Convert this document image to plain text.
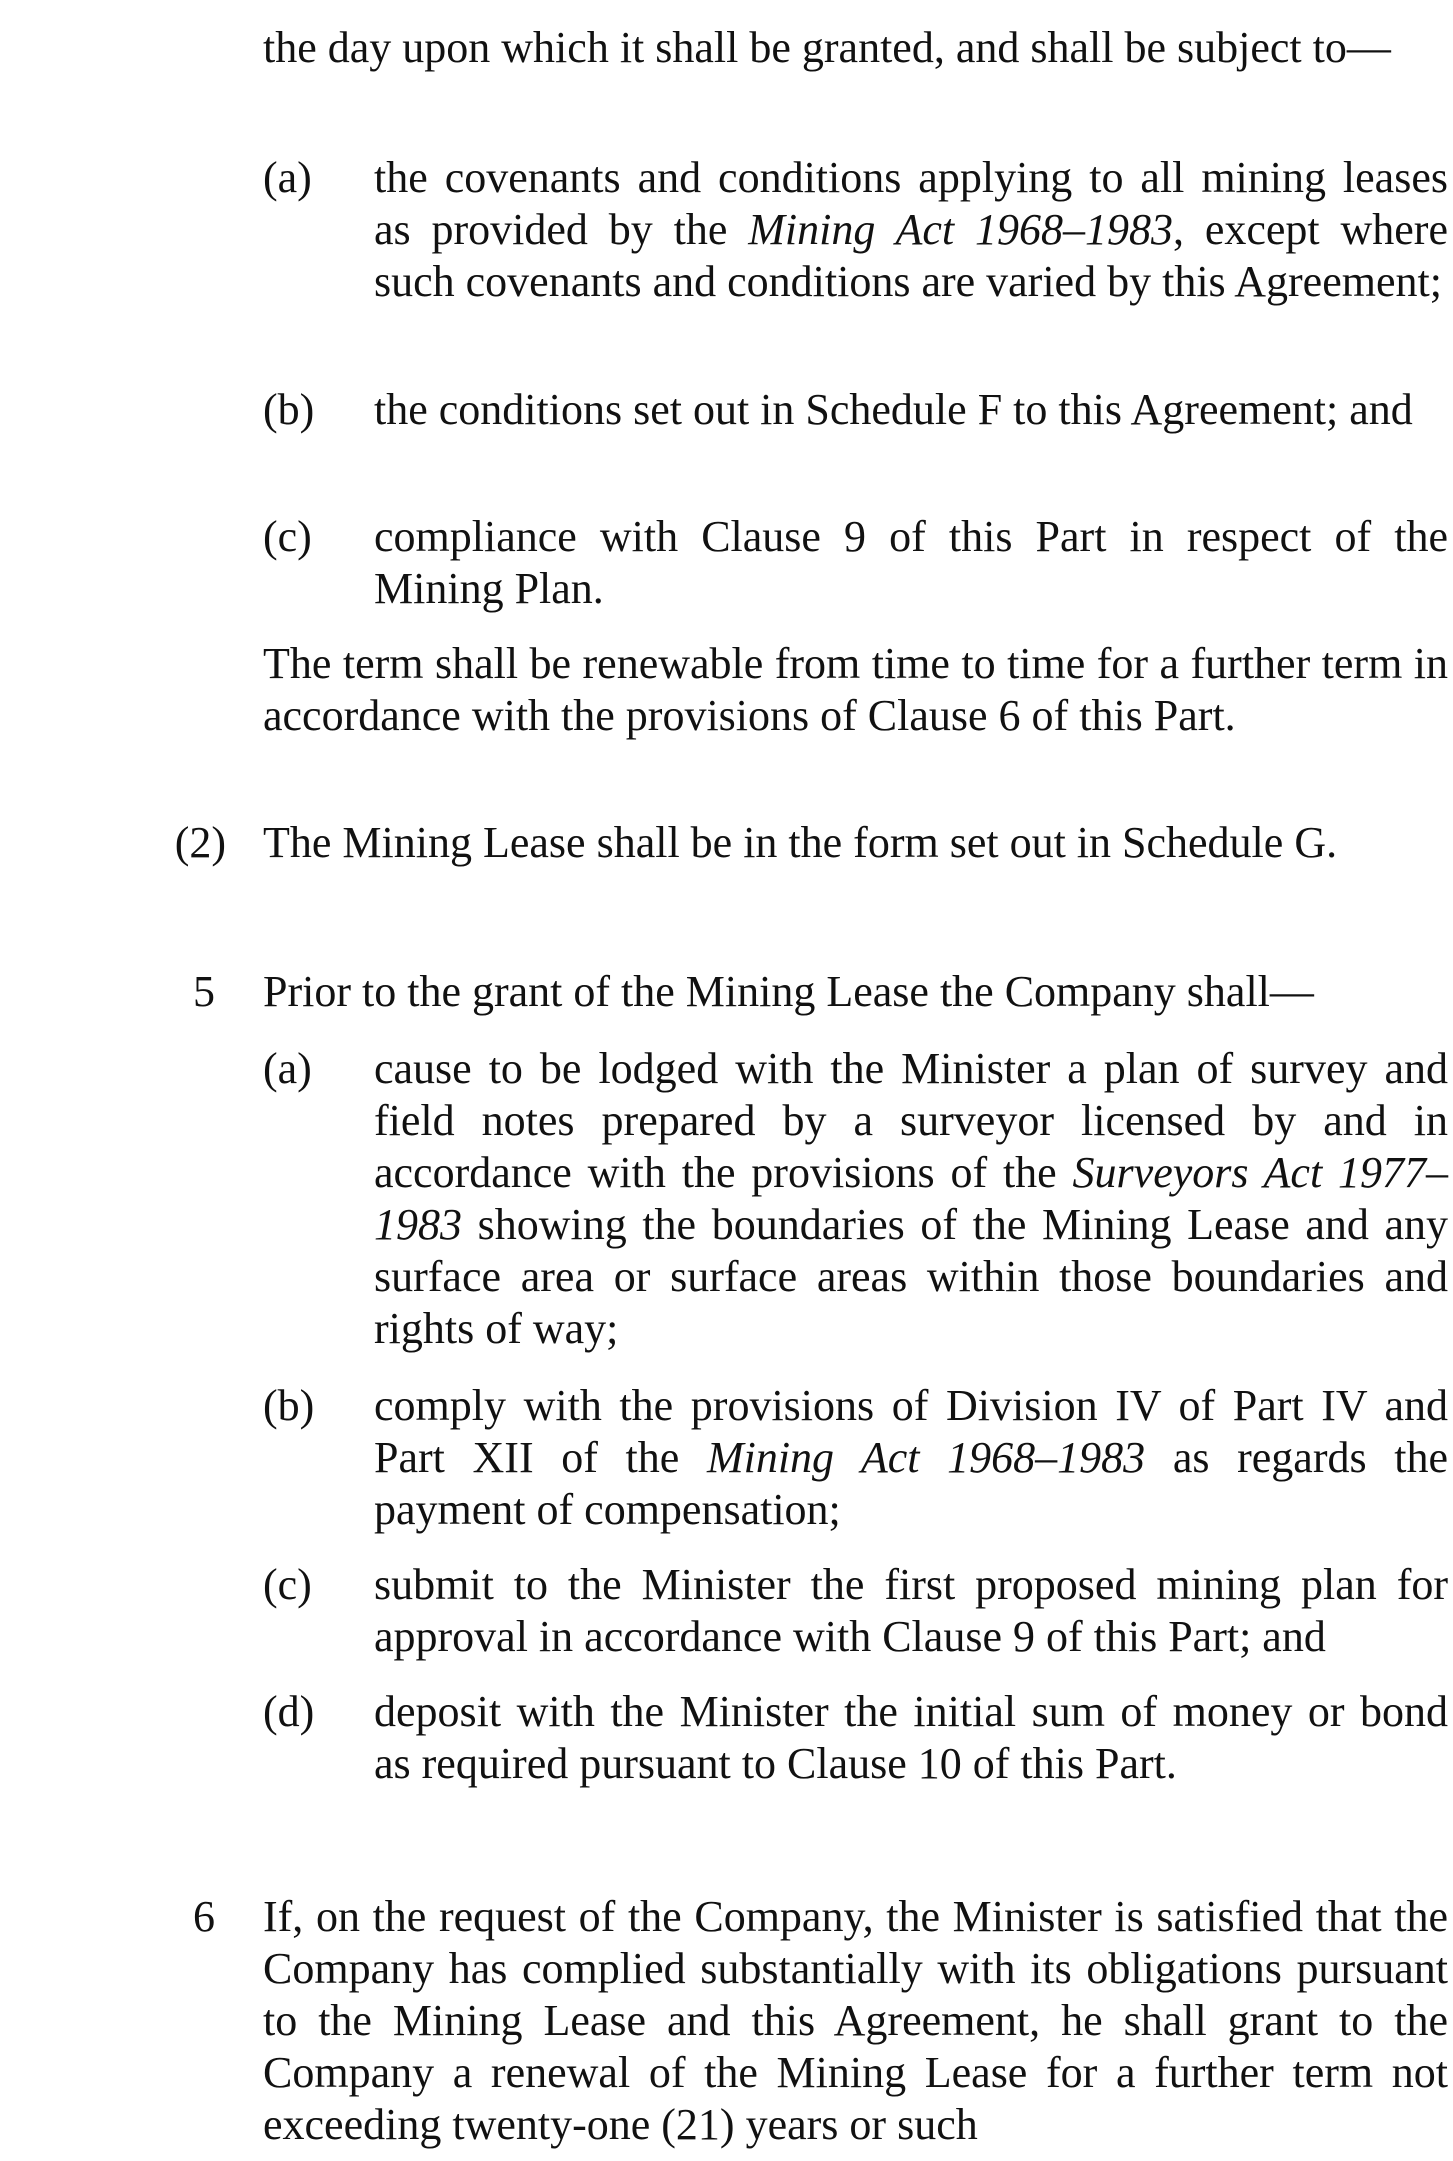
the day upon which it shall be granted, and shall be subject to—

(a)	the covenants and conditions applying to all mining leases as provided by the Mining Act 1968–1983, except where such covenants and conditions are varied by this Agreement;

(b)	the conditions set out in Schedule F to this Agreement; and

(c)	compliance with Clause 9 of this Part in respect of the Mining Plan.

The term shall be renewable from time to time for a further term in accordance with the provisions of Clause 6 of this Part.

(2) The Mining Lease shall be in the form set out in Schedule G.

5 Prior to the grant of the Mining Lease the Company shall—

(a)	cause to be lodged with the Minister a plan of survey and field notes prepared by a surveyor licensed by and in accordance with the provisions of the Surveyors Act 1977–1983 showing the boundaries of the Mining Lease and any surface area or surface areas within those boundaries and rights of way;

(b)	comply with the provisions of Division IV of Part IV and Part XII of the Mining Act 1968–1983 as regards the payment of compensation;

(c)	submit to the Minister the first proposed mining plan for approval in accordance with Clause 9 of this Part; and

(d)	deposit with the Minister the initial sum of money or bond as required pursuant to Clause 10 of this Part.

6 If, on the request of the Company, the Minister is satisfied that the Company has complied substantially with its obligations pursuant to the Mining Lease and this Agreement, he shall grant to the Company a renewal of the Mining Lease for a further term not exceeding twenty-one (21) years or such
